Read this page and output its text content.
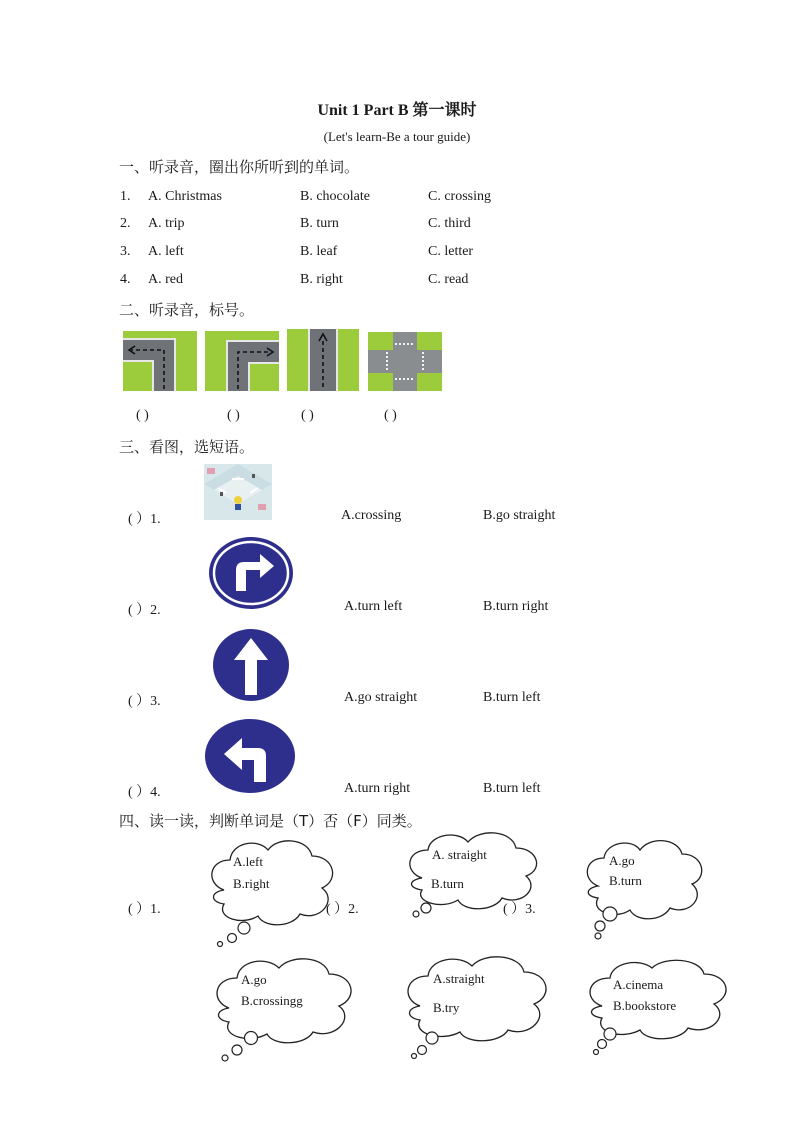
Unit 1 Part B 第一课时
(Let's learn-Be a tour guide)
一、听录音，圈出你所听到的单词。
1. A. Christmas	B. chocolate	C. crossing
2. A. trip	B. turn	C. third
3. A. left	B. leaf	C. letter
4. A. red	B. right	C. read
二、听录音，标号。
( )	( )	( )	( )
三、看图，选短语。
( ）1.	A.crossing	B.go straight
( ）2.	A.turn left	B.turn right
( ）3.	A.go straight	B.turn left
( ）4.	A.turn right	B.turn left
四、读一读，判断单词是（T）否（F）同类。
A.left
B.right
A. straight
B.turn
A.go
B.turn
( ）1.	( ）2.	( ）3.
A.go
B.crossingg
A.straight
B.try
A.cinema
B.bookstore
